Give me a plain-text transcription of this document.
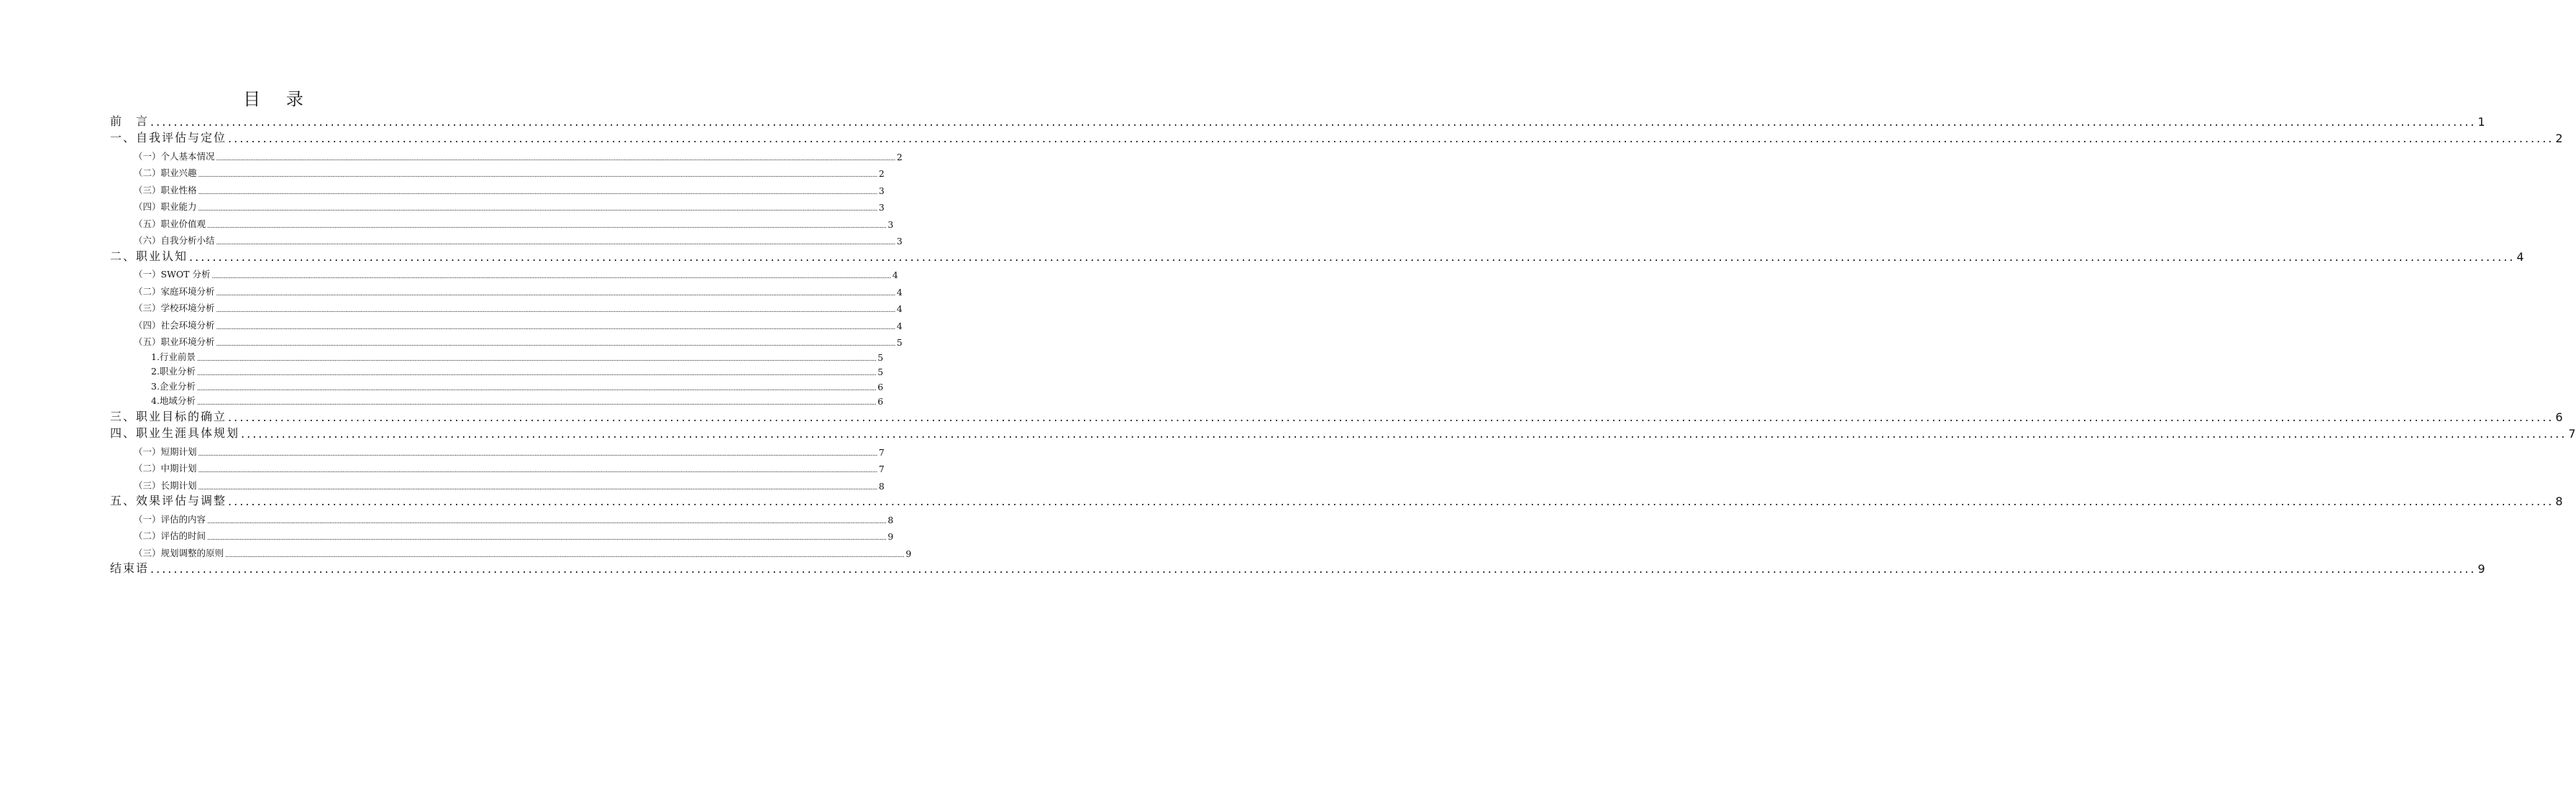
目 录
前　言 ................................................................................................................................................................................................................................................................................................................................................................................................................ 1
一、自我评估与定位 ................................................................................................................................................................................................................................................................................................................................................................................................................ 2
（一）个人基本情况 ................................................................................................................................................................................................................................................................................................................................................................................................................ 2
（二）职业兴趣 ................................................................................................................................................................................................................................................................................................................................................................................................................ 2
（三）职业性格 ................................................................................................................................................................................................................................................................................................................................................................................................................ 3
（四）职业能力 ................................................................................................................................................................................................................................................................................................................................................................................................................ 3
（五）职业价值观 ................................................................................................................................................................................................................................................................................................................................................................................................................ 3
（六）自我分析小结 ................................................................................................................................................................................................................................................................................................................................................................................................................ 3
二、职业认知 ................................................................................................................................................................................................................................................................................................................................................................................................................ 4
（一）SWOT 分析 ................................................................................................................................................................................................................................................................................................................................................................................................................ 4
（二）家庭环境分析 ................................................................................................................................................................................................................................................................................................................................................................................................................ 4
（三）学校环境分析 ................................................................................................................................................................................................................................................................................................................................................................................................................ 4
（四）社会环境分析 ................................................................................................................................................................................................................................................................................................................................................................................................................ 4
（五）职业环境分析 ................................................................................................................................................................................................................................................................................................................................................................................................................ 5
1.行业前景 ................................................................................................................................................................................................................................................................................................................................................................................................................ 5
2.职业分析 ................................................................................................................................................................................................................................................................................................................................................................................................................ 5
3.企业分析 ................................................................................................................................................................................................................................................................................................................................................................................................................ 6
4.地域分析 ................................................................................................................................................................................................................................................................................................................................................................................................................ 6
三、职业目标的确立 ................................................................................................................................................................................................................................................................................................................................................................................................................ 6
四、职业生涯具体规划 ................................................................................................................................................................................................................................................................................................................................................................................................................ 7
（一）短期计划 ................................................................................................................................................................................................................................................................................................................................................................................................................ 7
（二）中期计划 ................................................................................................................................................................................................................................................................................................................................................................................................................ 7
（三）长期计划 ................................................................................................................................................................................................................................................................................................................................................................................................................ 8
五、效果评估与调整 ................................................................................................................................................................................................................................................................................................................................................................................................................ 8
（一）评估的内容 ................................................................................................................................................................................................................................................................................................................................................................................................................ 8
（二）评估的时间 ................................................................................................................................................................................................................................................................................................................................................................................................................ 9
（三）规划调整的原则 ................................................................................................................................................................................................................................................................................................................................................................................................................ 9
结束语 ................................................................................................................................................................................................................................................................................................................................................................................................................ 9
